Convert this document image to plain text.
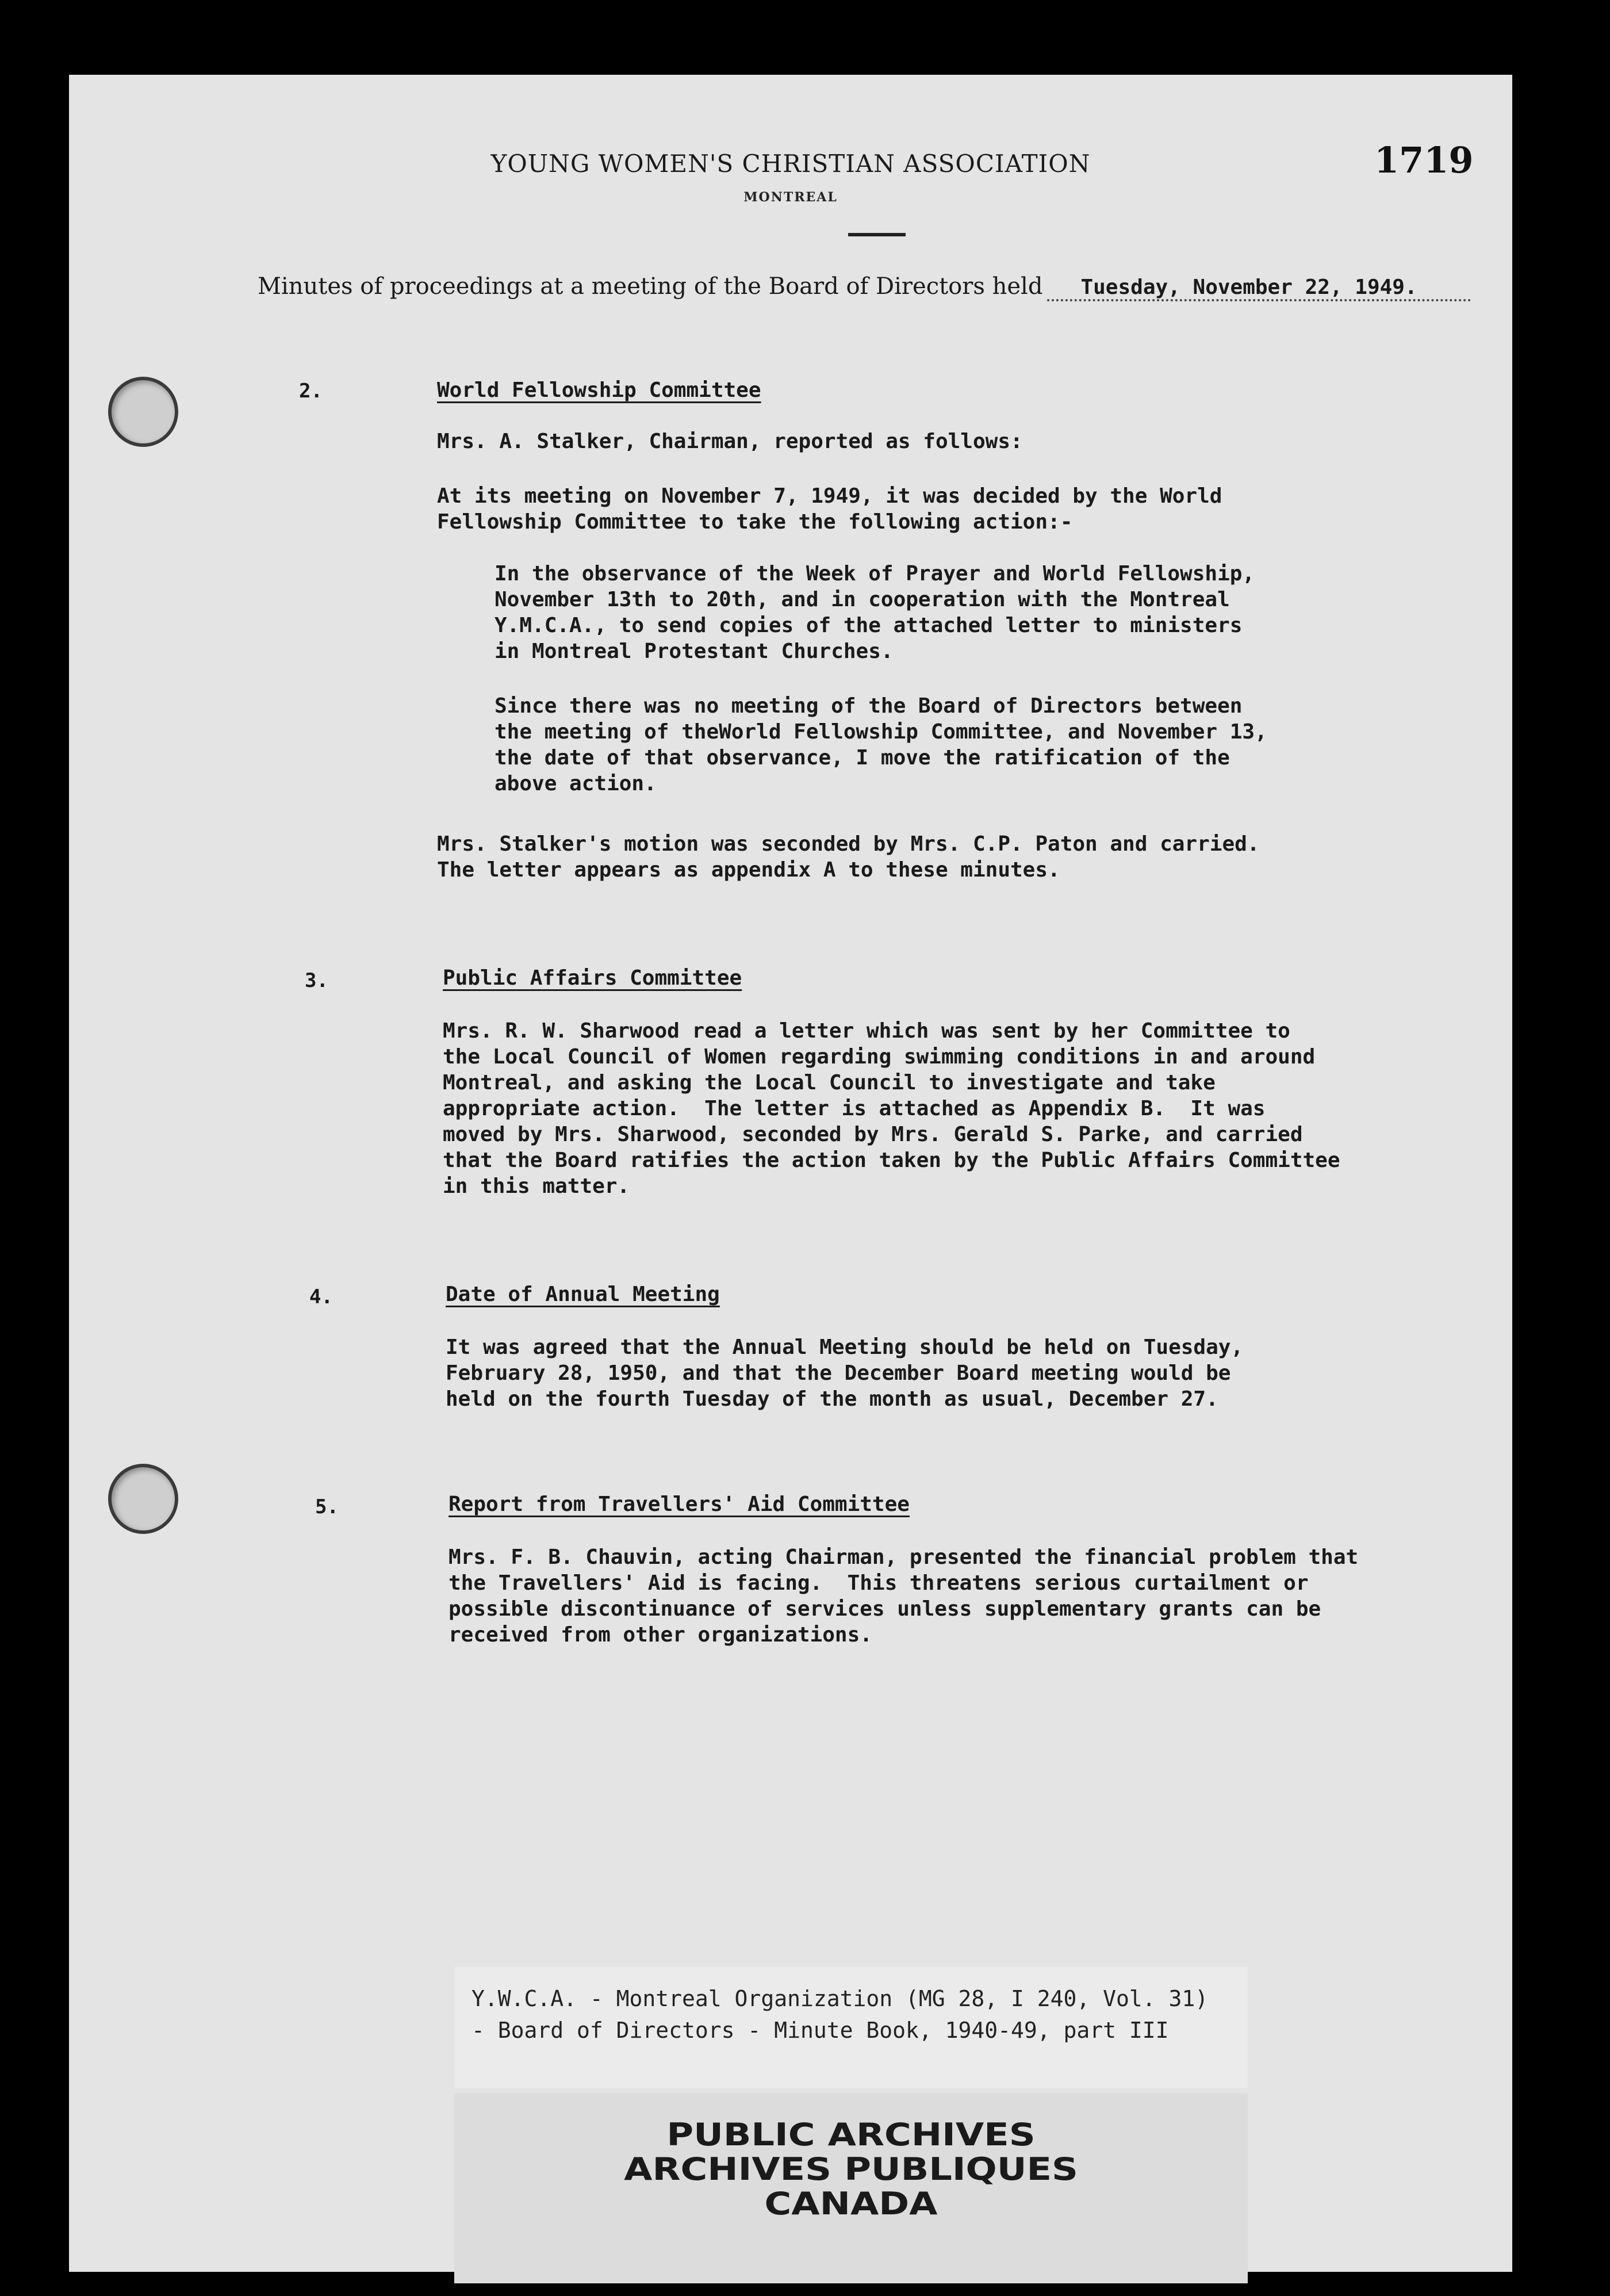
YOUNG WOMEN'S CHRISTIAN ASSOCIATION
MONTREAL
1719
Minutes of proceedings at a meeting of the Board of Directors held	Tuesday, November 22, 1949.
2.	World Fellowship Committee
Mrs. A. Stalker, Chairman, reported as follows:
At its meeting on November 7, 1949, it was decided by the World
Fellowship Committee to take the following action:-
In the observance of the Week of Prayer and World Fellowship,
November 13th to 20th, and in cooperation with the Montreal
Y.M.C.A., to send copies of the attached letter to ministers
in Montreal Protestant Churches.
Since there was no meeting of the Board of Directors between
the meeting of theWorld Fellowship Committee, and November 13,
the date of that observance, I move the ratification of the
above action.
Mrs. Stalker's motion was seconded by Mrs. C.P. Paton and carried.
The letter appears as appendix A to these minutes.
3.	Public Affairs Committee
Mrs. R. W. Sharwood read a letter which was sent by her Committee to
the Local Council of Women regarding swimming conditions in and around
Montreal, and asking the Local Council to investigate and take
appropriate action.  The letter is attached as Appendix B.  It was
moved by Mrs. Sharwood, seconded by Mrs. Gerald S. Parke, and carried
that the Board ratifies the action taken by the Public Affairs Committee
in this matter.
4.	Date of Annual Meeting
It was agreed that the Annual Meeting should be held on Tuesday,
February 28, 1950, and that the December Board meeting would be
held on the fourth Tuesday of the month as usual, December 27.
5.	Report from Travellers' Aid Committee
Mrs. F. B. Chauvin, acting Chairman, presented the financial problem that
the Travellers' Aid is facing.  This threatens serious curtailment or
possible discontinuance of services unless supplementary grants can be
received from other organizations.
Y.W.C.A. - Montreal Organization (MG 28, I 240, Vol. 31)
- Board of Directors - Minute Book, 1940-49, part III
PUBLIC ARCHIVES
ARCHIVES PUBLIQUES
CANADA
